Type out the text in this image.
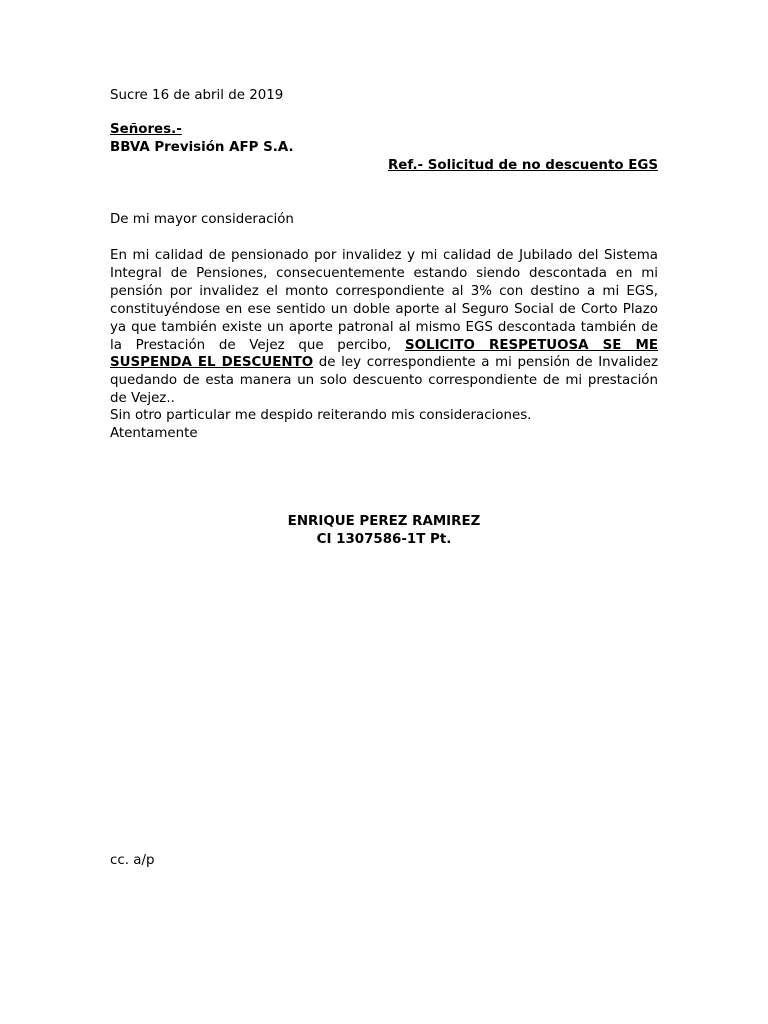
Sucre 16 de abril de 2019
Señores.-
BBVA Previsión AFP S.A.
Ref.- Solicitud de no descuento EGS
De mi mayor consideración
En mi calidad de pensionado por invalidez y mi calidad de Jubilado del Sistema Integral de Pensiones, consecuentemente estando siendo descontada en mi pensión por invalidez el monto correspondiente al 3% con destino a mi EGS, constituyéndose en ese sentido un doble aporte al Seguro Social de Corto Plazo ya que también existe un aporte patronal al mismo EGS descontada también de la Prestación de Vejez que percibo, SOLICITO RESPETUOSA SE ME SUSPENDA EL DESCUENTO de ley correspondiente a mi pensión de Invalidez quedando de esta manera un solo descuento correspondiente de mi prestación de Vejez..
Sin otro particular me despido reiterando mis consideraciones.
Atentamente
ENRIQUE PEREZ RAMIREZ
CI 1307586-1T Pt.
cc. a/p
